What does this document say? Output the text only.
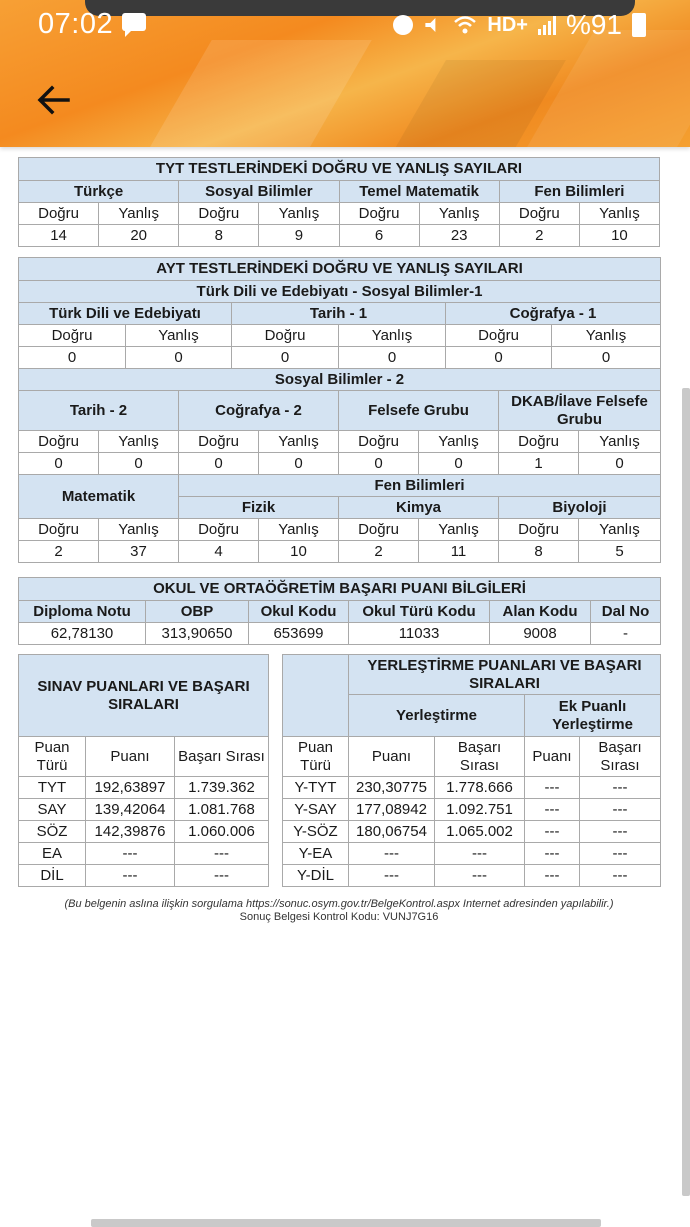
07:02	HD+ %91
TYT TESTLERİNDEKİ DOĞRU VE YANLIŞ SAYILARI							
Türkçe		Sosyal Bilimler		Temel Matematik		Fen Bilimleri	
Doğru	Yanlış	Doğru	Yanlış	Doğru	Yanlış	Doğru	Yanlış
14	20	8	9	6	23	2	10
AYT TESTLERİNDEKİ DOĞRU VE YANLIŞ SAYILARI											
Türk Dili ve Edebiyatı - Sosyal Bilimler-1											
Türk Dili ve Edebiyatı				Tarih - 1				Coğrafya - 1			
Doğru		Yanlış		Doğru		Yanlış		Doğru		Yanlış	
0		0		0		0		0		0	
Sosyal Bilimler - 2											
Tarih - 2			Coğrafya - 2			Felsefe Grubu			DKAB/İlave Felsefe Grubu		
Doğru	Yanlış		Doğru		Yanlış	Doğru	Yanlış		Doğru		Yanlış
0	0		0		0	0	0		1		0
Matematik			Fen Bilimleri								
			Fizik			Kimya			Biyoloji		
Doğru	Yanlış		Doğru		Yanlış	Doğru	Yanlış		Doğru		Yanlış
2	37		4		10	2	11		8		5
OKUL VE ORTAÖĞRETİM BAŞARI PUANI BİLGİLERİ					
Diploma Notu	OBP	Okul Kodu	Okul Türü Kodu	Alan Kodu	Dal No
62,78130	313,90650	653699	11033	9008	-
SINAV PUANLARI VE BAŞARI SIRALARI		
Puan Türü	Puanı	Başarı Sırası
TYT	192,63897	1.739.362
SAY	139,42064	1.081.768
SÖZ	142,39876	1.060.006
EA	---	---
DİL	---	---
	YERLEŞTİRME PUANLARI VE BAŞARI SIRALARI			
	Yerleştirme		Ek Puanlı Yerleştirme	
Puan Türü	Puanı	Başarı Sırası	Puanı	Başarı Sırası
Y-TYT	230,30775	1.778.666	---	---
Y-SAY	177,08942	1.092.751	---	---
Y-SÖZ	180,06754	1.065.002	---	---
Y-EA	---	---	---	---
Y-DİL	---	---	---	---
(Bu belgenin aslına ilişkin sorgulama https://sonuc.osym.gov.tr/BelgeKontrol.aspx Internet adresinden yapılabilir.)
Sonuç Belgesi Kontrol Kodu: VUNJ7G16
